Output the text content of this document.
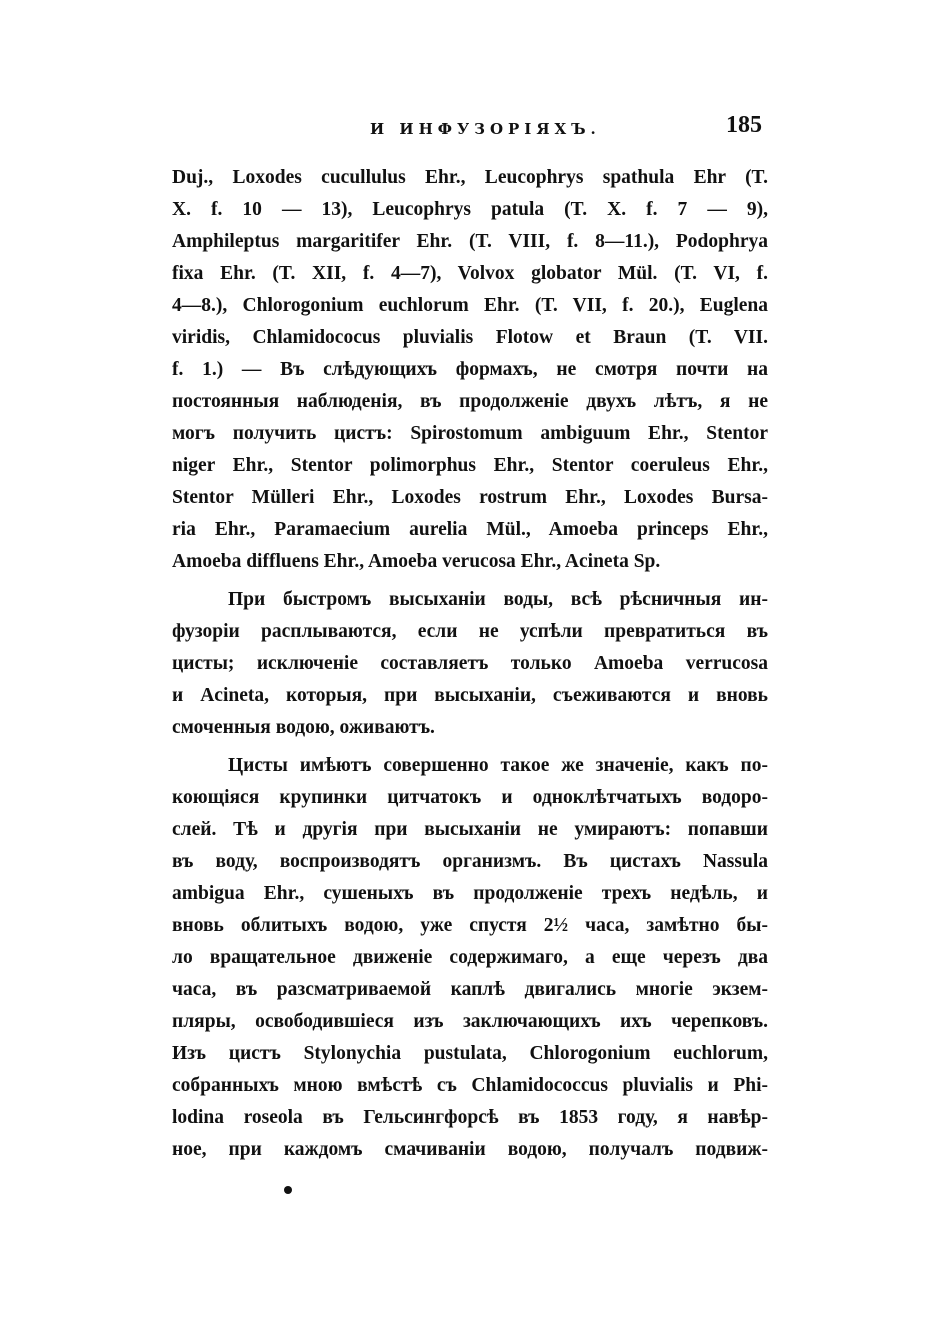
И ИНФУЗОРІЯХЪ.	185
Duj., Loxodes cucullulus Ehr., Leucophrys spathula Ehr (T.
X. f. 10 — 13), Leucophrys patula (T. X. f. 7 — 9),
Amphileptus margaritifer Ehr. (T. VIII, f. 8—11.), Podophrya
fixa Ehr. (T. XII, f. 4—7), Volvox globator Mül. (T. VI, f.
4—8.), Chlorogonium euchlorum Ehr. (T. VII, f. 20.), Euglena
viridis, Chlamidococus pluvialis Flotow et Braun (T. VII.
f. 1.) — Въ слѣдующихъ формахъ, не смотря почти на
постоянныя наблюденія, въ продолженіе двухъ лѣтъ, я не
могъ получить цистъ: Spirostomum ambiguum Ehr., Stentor
niger Ehr., Stentor polimorphus Ehr., Stentor coeruleus Ehr.,
Stentor Mülleri Ehr., Loxodes rostrum Ehr., Loxodes Bursa-
ria Ehr., Paramaecium aurelia Mül., Amoeba princeps Ehr.,
Amoeba diffluens Ehr., Amoeba verucosa Ehr., Acineta Sp.
При быстромъ высыханіи воды, всѣ рѣсничныя ин-
фузоріи расплываются, если не успѣли превратиться въ
цисты; исключеніе составляетъ только Amoeba verrucosa
и Acineta, которыя, при высыханіи, съеживаются и вновь
смоченныя водою, оживаютъ.
Цисты имѣютъ совершенно такое же значеніе, какъ по-
коющіяся крупинки цитчатокъ и одноклѣтчатыхъ водоро-
слей. Тѣ и другія при высыханіи не умираютъ: попавши
въ воду, воспроизводятъ организмъ. Въ цистахъ Nassula
ambigua Ehr., сушеныхъ въ продолженіе трехъ недѣль, и
вновь облитыхъ водою, уже спустя 2½ часа, замѣтно бы-
ло вращательное движеніе содержимаго, а еще черезъ два
часа, въ разсматриваемой каплѣ двигались многіе экзем-
пляры, освободившіеся изъ заключающихъ ихъ черепковъ.
Изъ цистъ Stylonychia pustulata, Chlorogonium euchlorum,
собранныхъ мною вмѣстѣ съ Chlamidococcus pluvialis и Phi-
lodina roseola въ Гельсингфорсѣ въ 1853 году, я навѣр-
ное, при каждомъ смачиваніи водою, получалъ подвиж-
